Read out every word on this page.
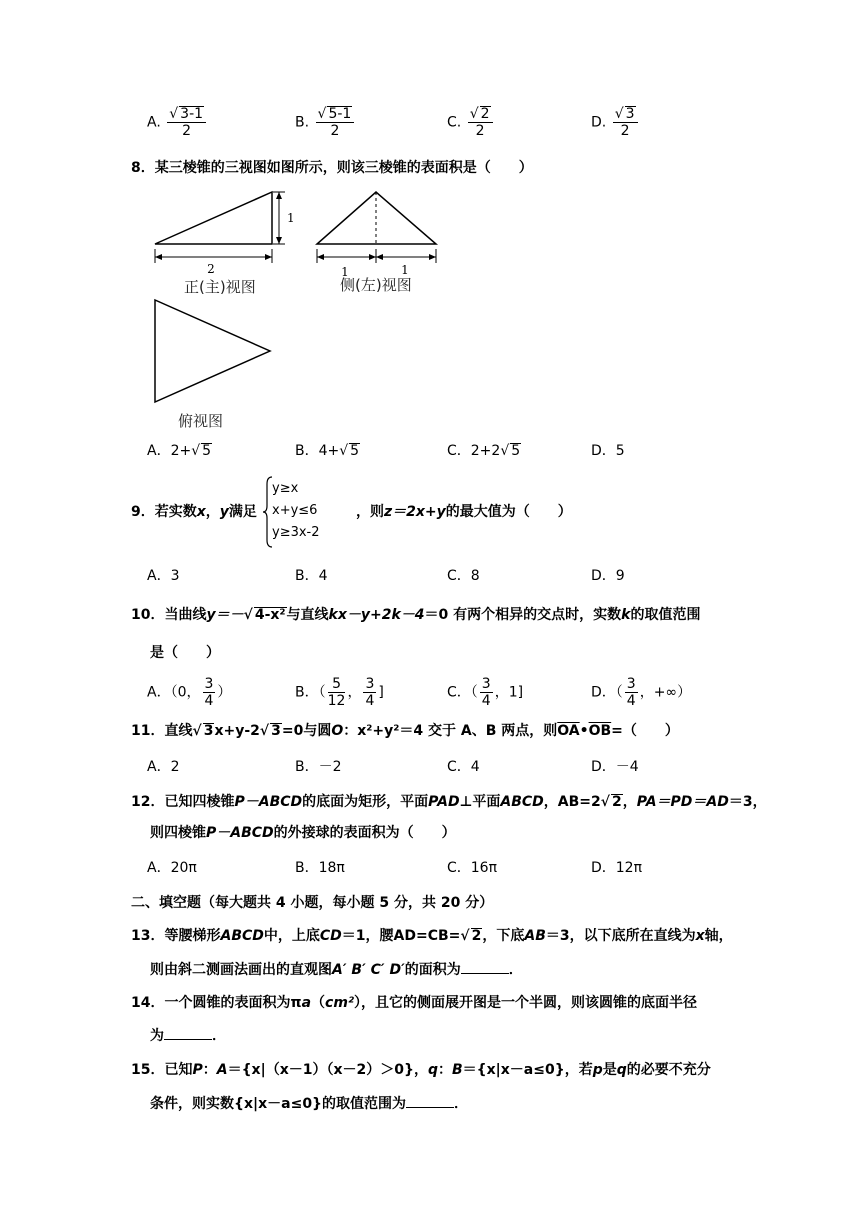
A. $\frac{√ 3-1}{2}$	B. $\frac{√ 5-1}{2}$	C. $\frac{√ 2}{2}$	D. $\frac{√ 3}{2}$
8．某三棱锥的三视图如图所示，则该三棱锥的表面积是（　　）
2
1
1	1
正(主)视图	侧(左)视图
俯视图
A．2+√ 5	B．4+√ 5	C．2+2√ 5	D．5
9．若实数x，y满足
y≥x
x+y≤6
y≥3x-2
，则z＝2x+y的最大值为（　　）
A．3	B．4	C．8	D．9
10．当曲线y＝－√ 4-x²与直线kx－y+2k－4＝0 有两个相异的交点时，实数k的取值范围
是（　　）
A．（0， $\frac{3}{4}$ ）	B．（ $\frac{5}{12}$ ， $\frac{3}{4}$ ]	C．（ $\frac{3}{4}$ ，1]	D．（ $\frac{3}{4}$ ，+∞）
11．直线√ 3x+y-2√ 3=0与圆O：x²+y²＝4 交于 A、B 两点，则$\overline{OA}•\overline{OB}=$（　　）
A．2	B．－2	C．4	D．－4
12．已知四棱锥P－ABCD的底面为矩形，平面PAD⊥平面ABCD，AB=2√ 2，PA＝PD＝AD＝3，
则四棱锥P－ABCD的外接球的表面积为（　　）
A．20π	B．18π	C．16π	D．12π
二、填空题（每大题共 4 小题，每小题 5 分，共 20 分）
13．等腰梯形ABCD中，上底CD＝1，腰AD=CB=√ 2，下底AB＝3，以下底所在直线为x轴，
则由斜二测画法画出的直观图A′ B′ C′ D′的面积为	．
14．一个圆锥的表面积为πa（cm²），且它的侧面展开图是一个半圆，则该圆锥的底面半径
为	．
15．已知P：A＝{x|（x－1）（x－2）＞0}，q：B＝{x|x－a≤0}，若p是q的必要不充分
条件，则实数{x|x－a≤0}的取值范围为	．
